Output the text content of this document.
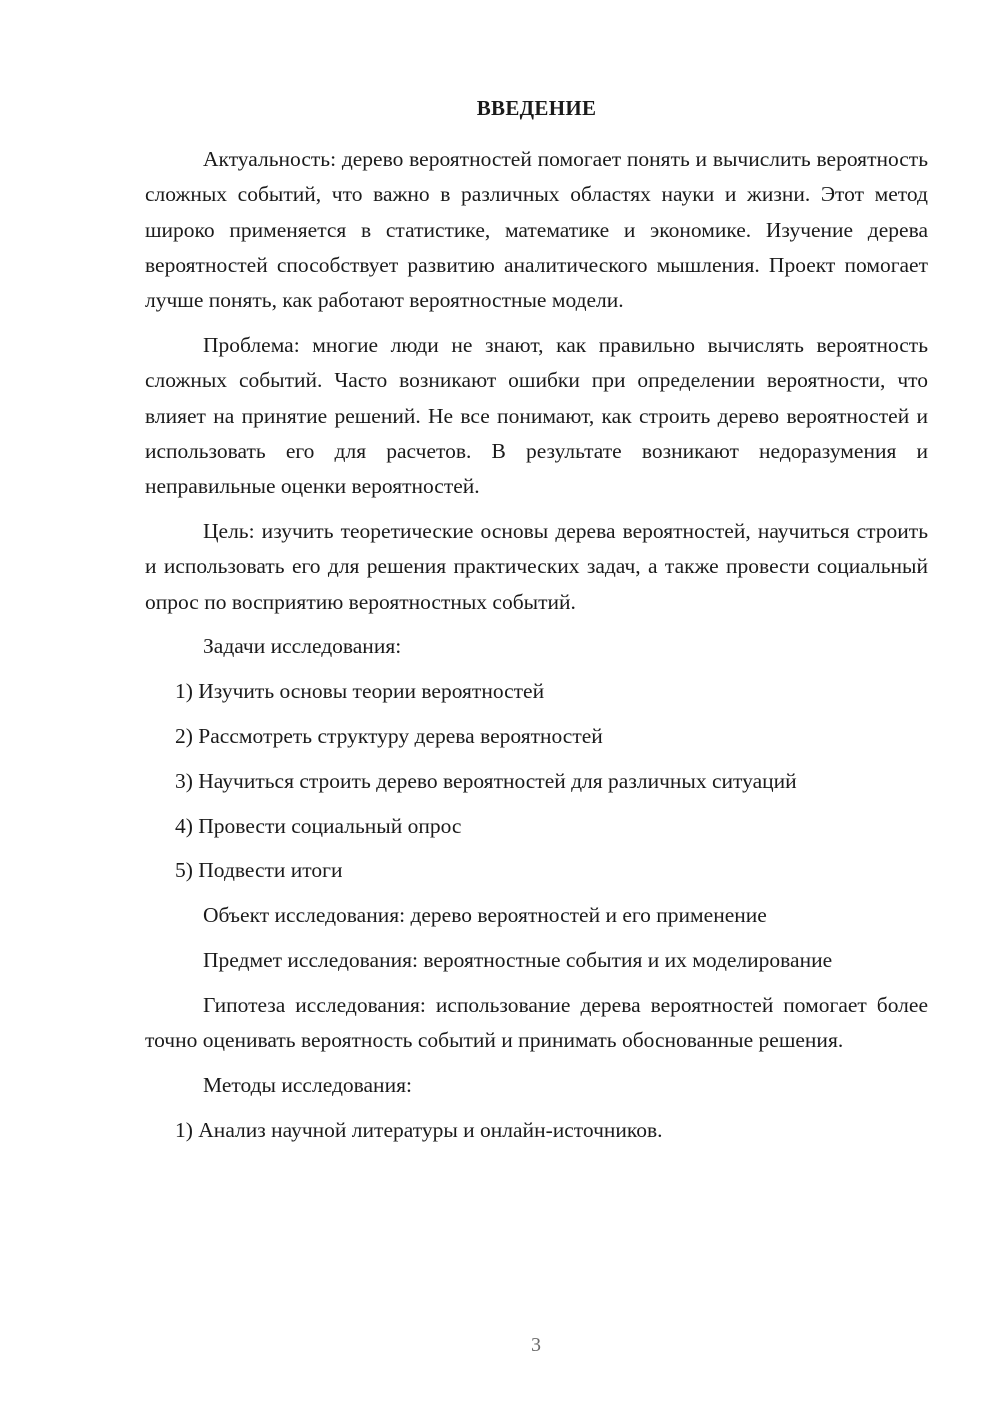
ВВЕДЕНИЕ

Актуальность: дерево вероятностей помогает понять и вычислить вероятность сложных событий, что важно в различных областях науки и жизни. Этот метод широко применяется в статистике, математике и экономике. Изучение дерева вероятностей способствует развитию аналитического мышления. Проект помогает лучше понять, как работают вероятностные модели.

Проблема: многие люди не знают, как правильно вычислять вероятность сложных событий. Часто возникают ошибки при определении вероятности, что влияет на принятие решений. Не все понимают, как строить дерево вероятностей и использовать его для расчетов. В результате возникают недоразумения и неправильные оценки вероятностей.

Цель: изучить теоретические основы дерева вероятностей, научиться строить и использовать его для решения практических задач, а также провести социальный опрос по восприятию вероятностных событий.

Задачи исследования:

1) Изучить основы теории вероятностей
2) Рассмотреть структуру дерева вероятностей
3) Научиться строить дерево вероятностей для различных ситуаций
4) Провести социальный опрос
5) Подвести итоги

Объект исследования: дерево вероятностей и его применение

Предмет исследования: вероятностные события и их моделирование

Гипотеза исследования: использование дерева вероятностей помогает более точно оценивать вероятность событий и принимать обоснованные решения.

Методы исследования:

1) Анализ научной литературы и онлайн-источников.
3
